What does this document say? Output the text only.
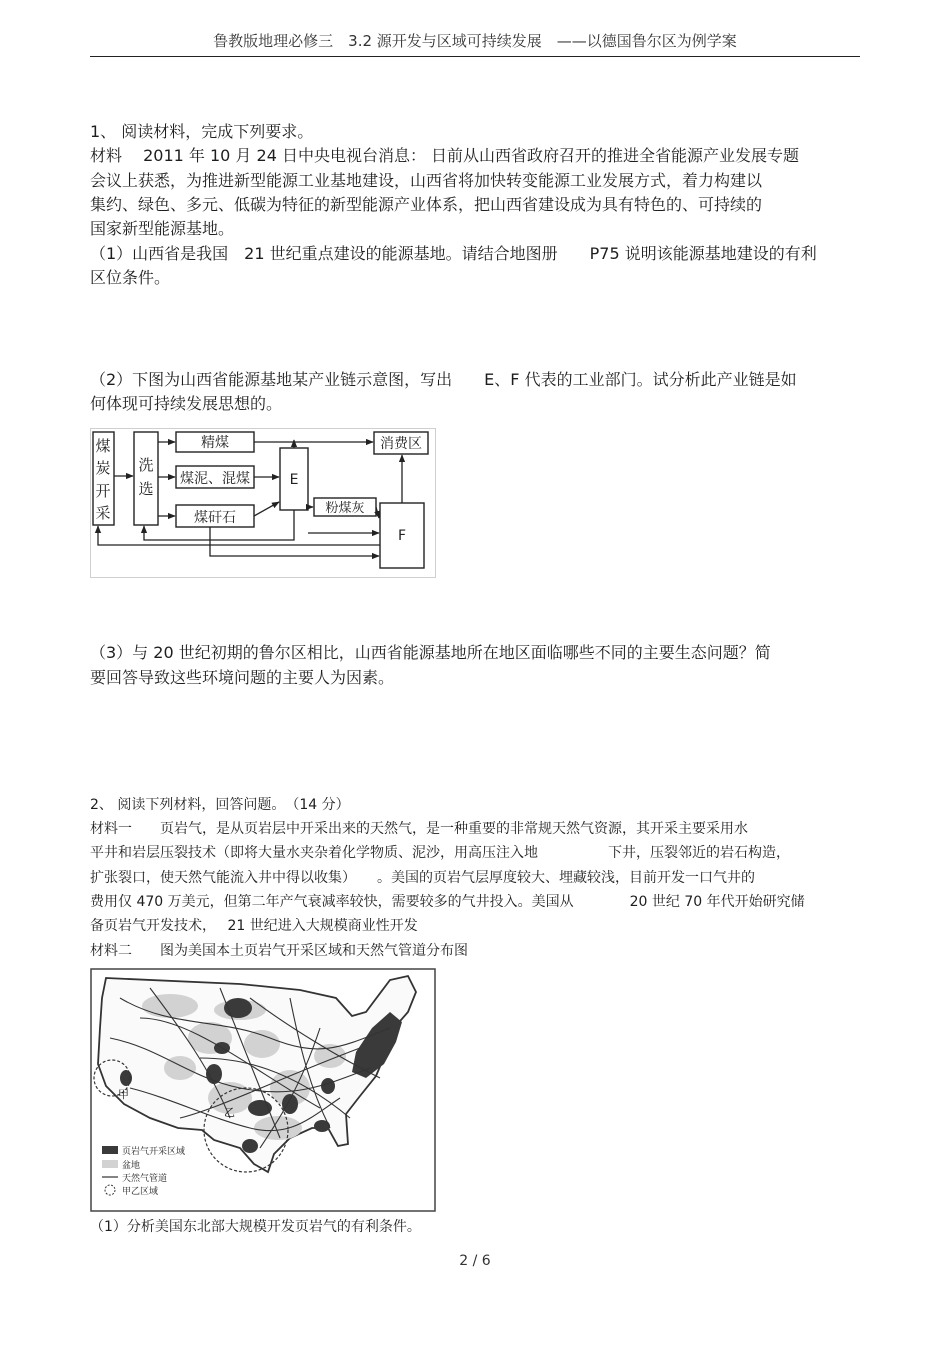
鲁教版地理必修三　3.2 源开发与区域可持续发展　——以德国鲁尔区为例学案
1、 阅读材料，完成下列要求。
材料　 2011 年 10 月 24 日中央电视台消息： 日前从山西省政府召开的推进全省能源产业发展专题
会议上获悉，为推进新型能源工业基地建设，山西省将加快转变能源工业发展方式，着力构建以
集约、绿色、多元、低碳为特征的新型能源产业体系，把山西省建设成为具有特色的、可持续的
国家新型能源基地。
（1）山西省是我国　21 世纪重点建设的能源基地。请结合地图册　　P75 说明该能源基地建设的有利
区位条件。
（2）下图为山西省能源基地某产业链示意图，写出　　E、F 代表的工业部门。试分析此产业链是如
何体现可持续发展思想的。
煤
炭
开
采
洗
选
精煤
煤泥、混煤
煤矸石
E
粉煤灰
消费区
F
（3）与 20 世纪初期的鲁尔区相比，山西省能源基地所在地区面临哪些不同的主要生态问题？简
要回答导致这些环境问题的主要人为因素。
2、 阅读下列材料，回答问题。　（14 分）
材料一　　页岩气，是从页岩层中开采出来的天然气，是一种重要的非常规天然气资源，其开采主要采用水
平井和岩层压裂技术（即将大量水夹杂着化学物质、泥沙，用高压注入地　　　　　下井，压裂邻近的岩石构造，
扩张裂口，使天然气能流入井中得以收集）　　。美国的页岩气层厚度较大、埋藏较浅，目前开发一口气井的
费用仅 470 万美元，但第二年产气衰减率较快，需要较多的气井投入。美国从　　　　20 世纪 70 年代开始研究储
备页岩气开发技术，　 21 世纪进入大规模商业性开发
材料二　　图为美国本土页岩气开采区域和天然气管道分布图
甲
乙
页岩气开采区域
盆地
天然气管道
甲乙区域
（1）分析美国东北部大规模开发页岩气的有利条件。
2 / 6
